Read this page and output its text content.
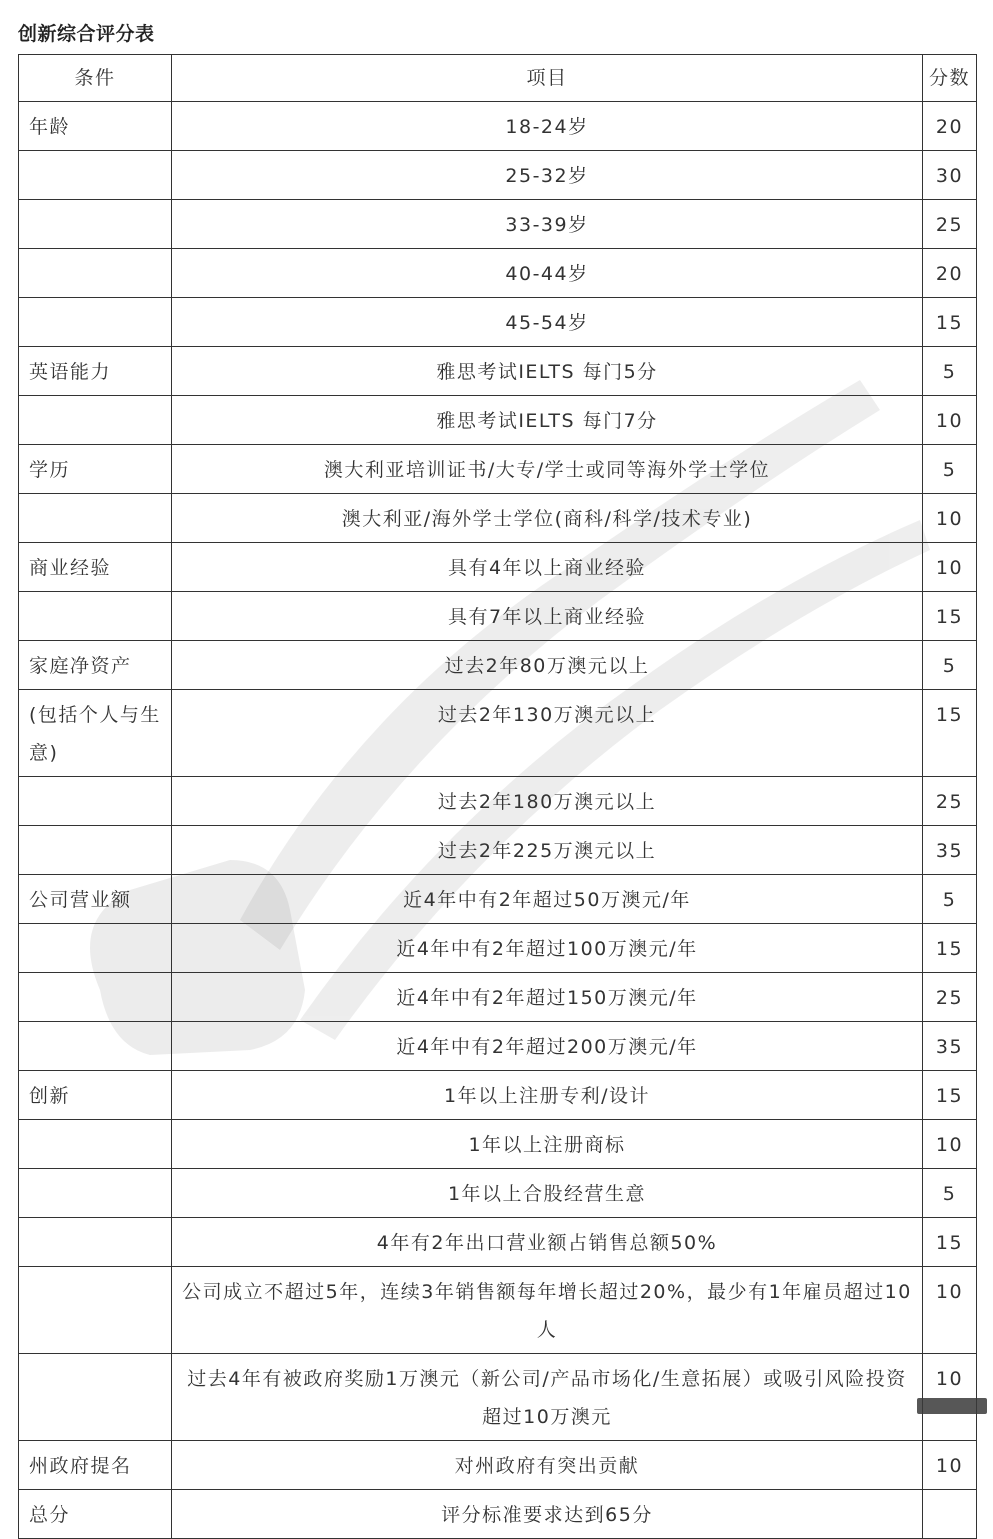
创新综合评分表
条件	项目	分数
年龄	18-24岁	20
	25-32岁	30
	33-39岁	25
	40-44岁	20
	45-54岁	15
英语能力	雅思考试IELTS 每门5分	5
	雅思考试IELTS 每门7分	10
学历	澳大利亚培训证书/大专/学士或同等海外学士学位	5
	澳大利亚/海外学士学位(商科/科学/技术专业)	10
商业经验	具有4年以上商业经验	10
	具有7年以上商业经验	15
家庭净资产	过去2年80万澳元以上	5
(包括个人与生意)	过去2年130万澳元以上	15
	过去2年180万澳元以上	25
	过去2年225万澳元以上	35
公司营业额	近4年中有2年超过50万澳元/年	5
	近4年中有2年超过100万澳元/年	15
	近4年中有2年超过150万澳元/年	25
	近4年中有2年超过200万澳元/年	35
创新	1年以上注册专利/设计	15
	1年以上注册商标	10
	1年以上合股经营生意	5
	4年有2年出口营业额占销售总额50%	15
	公司成立不超过5年，连续3年销售额每年增长超过20%，最少有1年雇员超过10人	10
	过去4年有被政府奖励1万澳元（新公司/产品市场化/生意拓展）或吸引风险投资超过10万澳元	10
州政府提名	对州政府有突出贡献	10
总分	评分标准要求达到65分	
